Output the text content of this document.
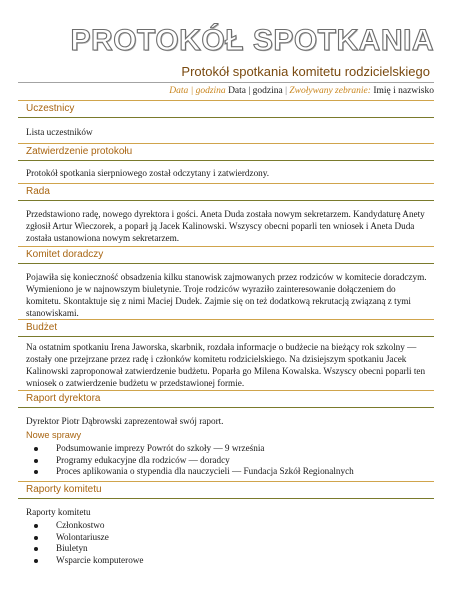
PROTOKÓŁ SPOTKANIA
Protokół spotkania komitetu rodzicielskiego
Data | godzina Data | godzina | Zwoływany zebranie: Imię i nazwisko
Uczestnicy
Lista uczestników
Zatwierdzenie protokołu
Protokół spotkania sierpniowego został odczytany i zatwierdzony.
Rada
Przedstawiono radę, nowego dyrektora i gości. Aneta Duda została nowym sekretarzem. Kandydaturę Anety zgłosił Artur Wieczorek, a poparł ją Jacek Kalinowski. Wszyscy obecni poparli ten wniosek i Aneta Duda została ustanowiona nowym sekretarzem.
Komitet doradczy
Pojawiła się konieczność obsadzenia kilku stanowisk zajmowanych przez rodziców w komitecie doradczym. Wymieniono je w najnowszym biuletynie. Troje rodziców wyraziło zainteresowanie dołączeniem do komitetu. Skontaktuje się z nimi Maciej Dudek. Zajmie się on też dodatkową rekrutacją związaną z tymi stanowiskami.
Budżet
Na ostatnim spotkaniu Irena Jaworska, skarbnik, rozdała informacje o budżecie na bieżący rok szkolny — zostały one przejrzane przez radę i członków komitetu rodzicielskiego. Na dzisiejszym spotkaniu Jacek Kalinowski zaproponował zatwierdzenie budżetu. Poparła go Milena Kowalska. Wszyscy obecni poparli ten wniosek o zatwierdzenie budżetu w przedstawionej formie.
Raport dyrektora
Dyrektor Piotr Dąbrowski zaprezentował swój raport.
Nowe sprawy
Podsumowanie imprezy Powrót do szkoły — 9 września
Programy edukacyjne dla rodziców — doradcy
Proces aplikowania o stypendia dla nauczycieli — Fundacja Szkół Regionalnych
Raporty komitetu
Raporty komitetu
Członkostwo
Wolontariusze
Biuletyn
Wsparcie komputerowe
